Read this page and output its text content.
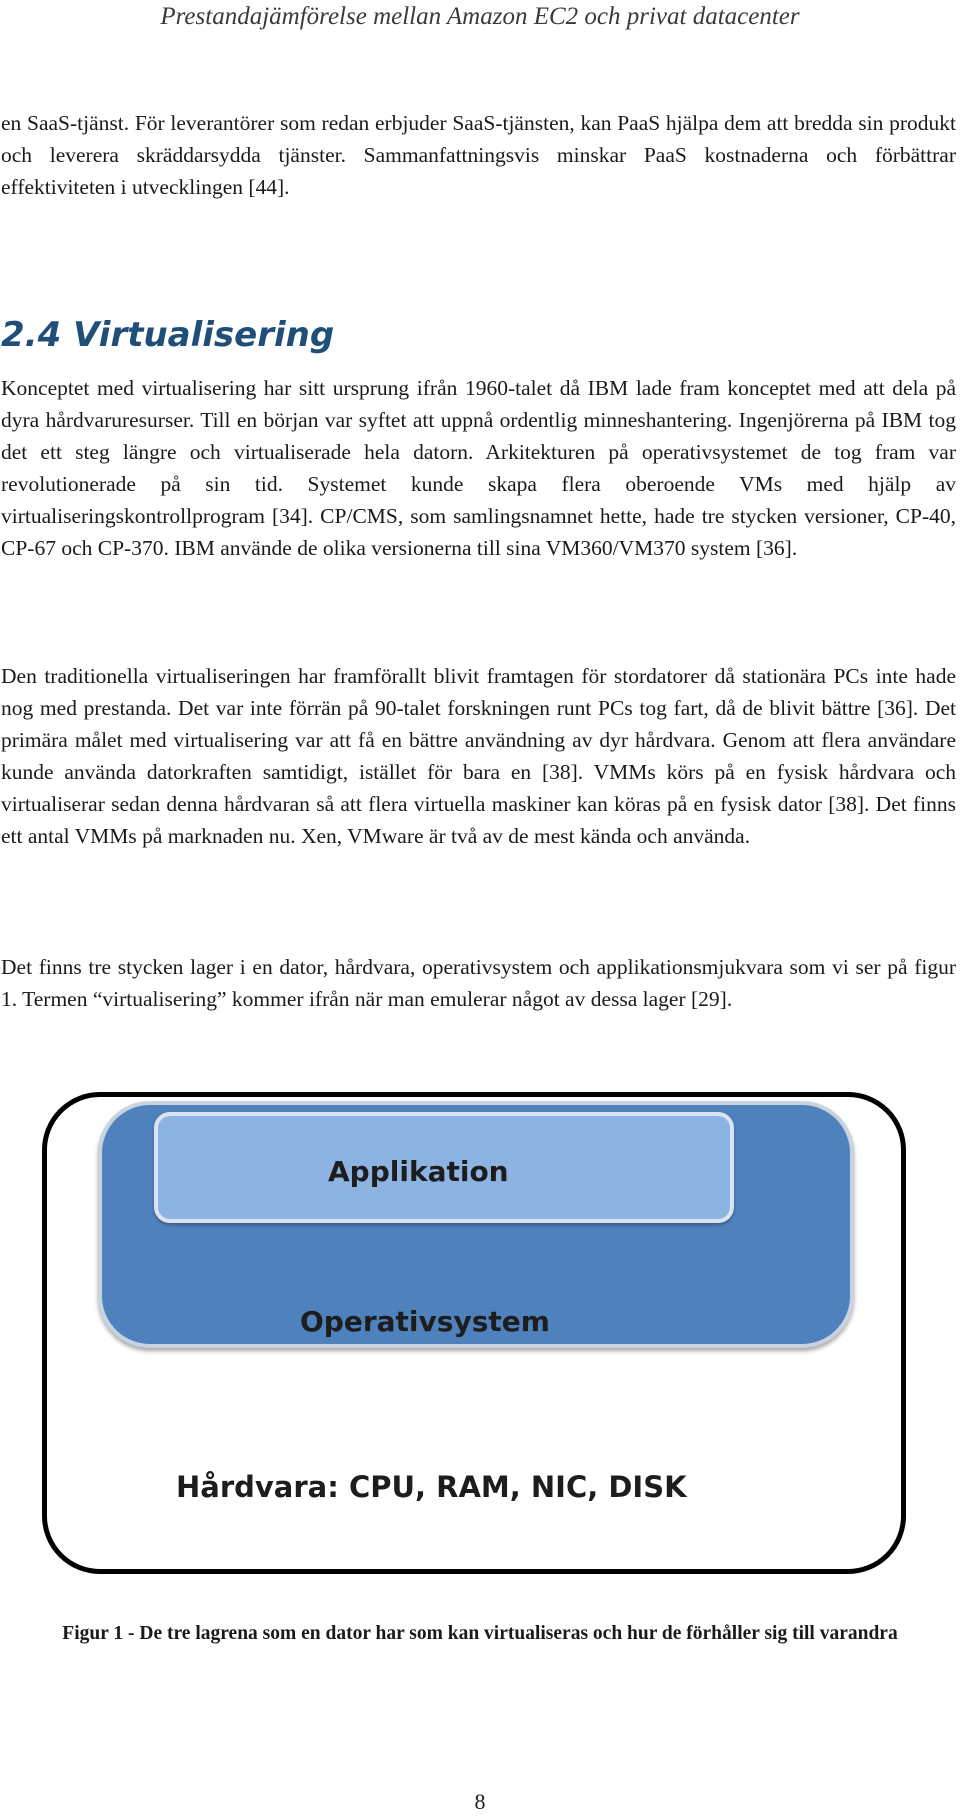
Prestandajämförelse mellan Amazon EC2 och privat datacenter

en SaaS-tjänst. För leverantörer som redan erbjuder SaaS-tjänsten, kan PaaS hjälpa dem att bredda sin produkt och leverera skräddarsydda tjänster. Sammanfattningsvis minskar PaaS kostnaderna och förbättrar effektiviteten i utvecklingen [44].

2.4 Virtualisering

Konceptet med virtualisering har sitt ursprung ifrån 1960-talet då IBM lade fram konceptet med att dela på dyra hårdvaruresurser. Till en början var syftet att uppnå ordentlig minneshantering. Ingenjörerna på IBM tog det ett steg längre och virtualiserade hela datorn. Arkitekturen på operativsystemet de tog fram var revolutionerade på sin tid. Systemet kunde skapa flera oberoende VMs med hjälp av virtualiseringskontrollprogram [34]. CP/CMS, som samlingsnamnet hette, hade tre stycken versioner, CP-40, CP-67 och CP-370. IBM använde de olika versionerna till sina VM360/VM370 system [36].

Den traditionella virtualiseringen har framförallt blivit framtagen för stordatorer då stationära PCs inte hade nog med prestanda. Det var inte förrän på 90-talet forskningen runt PCs tog fart, då de blivit bättre [36]. Det primära målet med virtualisering var att få en bättre användning av dyr hårdvara. Genom att flera användare kunde använda datorkraften samtidigt, istället för bara en [38]. VMMs körs på en fysisk hårdvara och virtualiserar sedan denna hårdvaran så att flera virtuella maskiner kan köras på en fysisk dator [38]. Det finns ett antal VMMs på marknaden nu. Xen, VMware är två av de mest kända och använda.

Det finns tre stycken lager i en dator, hårdvara, operativsystem och applikationsmjukvara som vi ser på figur 1. Termen “virtualisering” kommer ifrån när man emulerar något av dessa lager [29].

Applikation
Operativsystem
Hårdvara: CPU, RAM, NIC, DISK

Figur 1 - De tre lagrena som en dator har som kan virtualiseras och hur de förhåller sig till varandra

8
